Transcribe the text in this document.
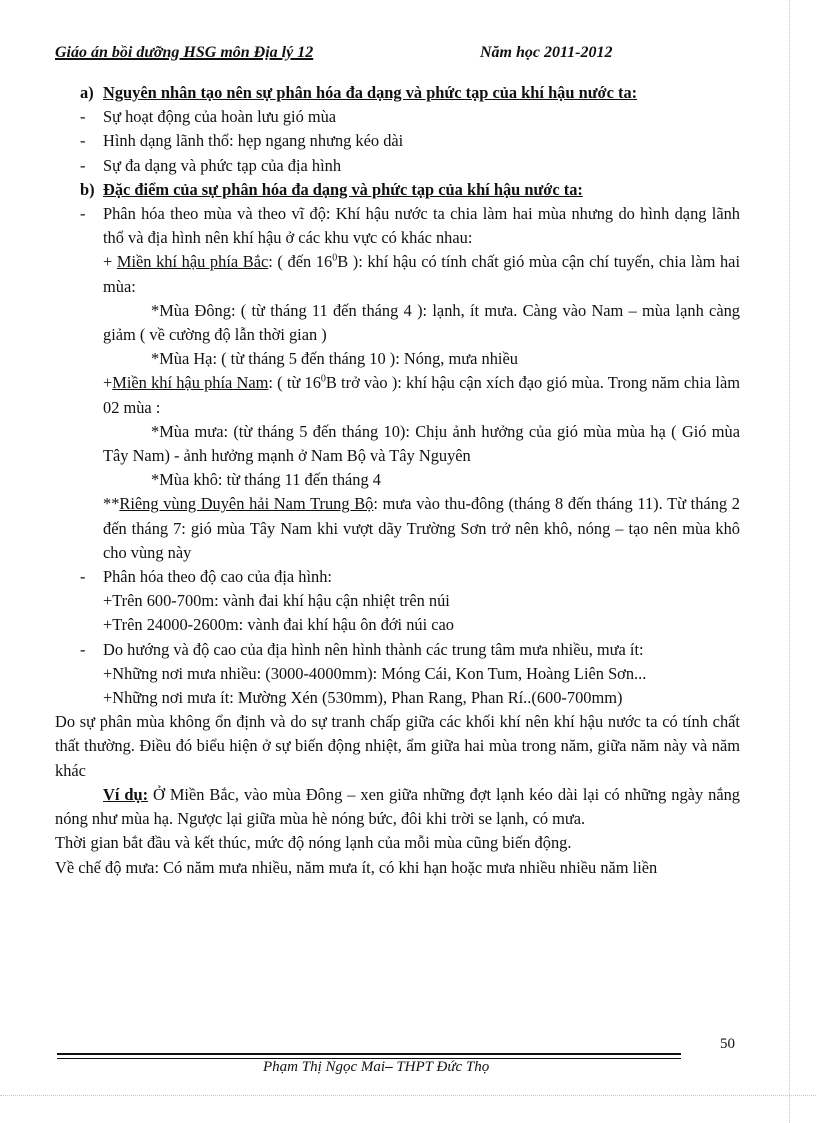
Giáo án bồi dưỡng HSG môn Địa lý 12	Năm học 2011-2012

a) Nguyên nhân tạo nên sự phân hóa đa dạng và phức tạp của khí hậu nước ta:

- Sự hoạt động của hoàn lưu gió mùa

- Hình dạng lãnh thổ: hẹp ngang nhưng kéo dài

- Sự đa dạng và phức tạp của địa hình

b) Đặc điểm của sự phân hóa đa dạng và phức tạp của khí hậu nước ta:

- Phân hóa theo mùa và theo vĩ độ: Khí hậu nước ta chia làm hai mùa nhưng do hình dạng lãnh thổ và địa hình nên khí hậu ở các khu vực có khác nhau:

+ Miền khí hậu phía Bắc: ( đến $16^0B$ ): khí hậu có tính chất gió mùa cận chí tuyến, chia làm hai mùa:

*Mùa Đông: ( từ tháng 11 đến tháng 4 ): lạnh, ít mưa. Càng vào Nam – mùa lạnh càng giảm ( về cường độ lẫn thời gian )

*Mùa Hạ: ( từ tháng 5 đến tháng 10 ): Nóng, mưa nhiều

+Miền khí hậu phía Nam: ( từ $16^0B$ trở vào ): khí hậu cận xích đạo gió mùa. Trong năm chia làm 02 mùa :

*Mùa mưa: (từ tháng 5 đến tháng 10): Chịu ảnh hưởng của gió mùa mùa hạ ( Gió mùa Tây Nam) - ảnh hưởng mạnh ở Nam Bộ và Tây Nguyên

*Mùa khô: từ tháng 11 đến tháng 4

**Riêng vùng Duyên hải Nam Trung Bộ: mưa vào thu-đông (tháng 8 đến tháng 11). Từ tháng 2 đến tháng 7: gió mùa Tây Nam khi vượt dãy Trường Sơn trở nên khô, nóng – tạo nên mùa khô cho vùng này

- Phân hóa theo độ cao của địa hình:

+Trên 600-700m: vành đai khí hậu cận nhiệt trên núi

+Trên 24000-2600m: vành đai khí hậu ôn đới núi cao

- Do hướng và độ cao của địa hình nên hình thành các trung tâm mưa nhiều, mưa ít:

+Những nơi mưa nhiều: (3000-4000mm): Móng Cái, Kon Tum, Hoàng Liên Sơn...

+Những nơi mưa ít: Mường Xén (530mm), Phan Rang, Phan Rí..(600-700mm)

Do sự phân mùa không ổn định và do sự tranh chấp giữa các khối khí nên khí hậu nước ta có tính chất thất thường. Điều đó biểu hiện ở sự biến động nhiệt, ẩm giữa hai mùa trong năm, giữa năm này và năm khác

Ví dụ: Ở Miền Bắc, vào mùa Đông – xen giữa những đợt lạnh kéo dài lại có những ngày nắng nóng như mùa hạ. Ngược lại giữa mùa hè nóng bức, đôi khi trời se lạnh, có mưa.

Thời gian bắt đầu và kết thúc, mức độ nóng lạnh của mỗi mùa cũng biến động.

Về chế độ mưa: Có năm mưa nhiều, năm mưa ít, có khi hạn hoặc mưa nhiều nhiều năm liền

50
Phạm Thị Ngọc Mai– THPT Đức Thọ
